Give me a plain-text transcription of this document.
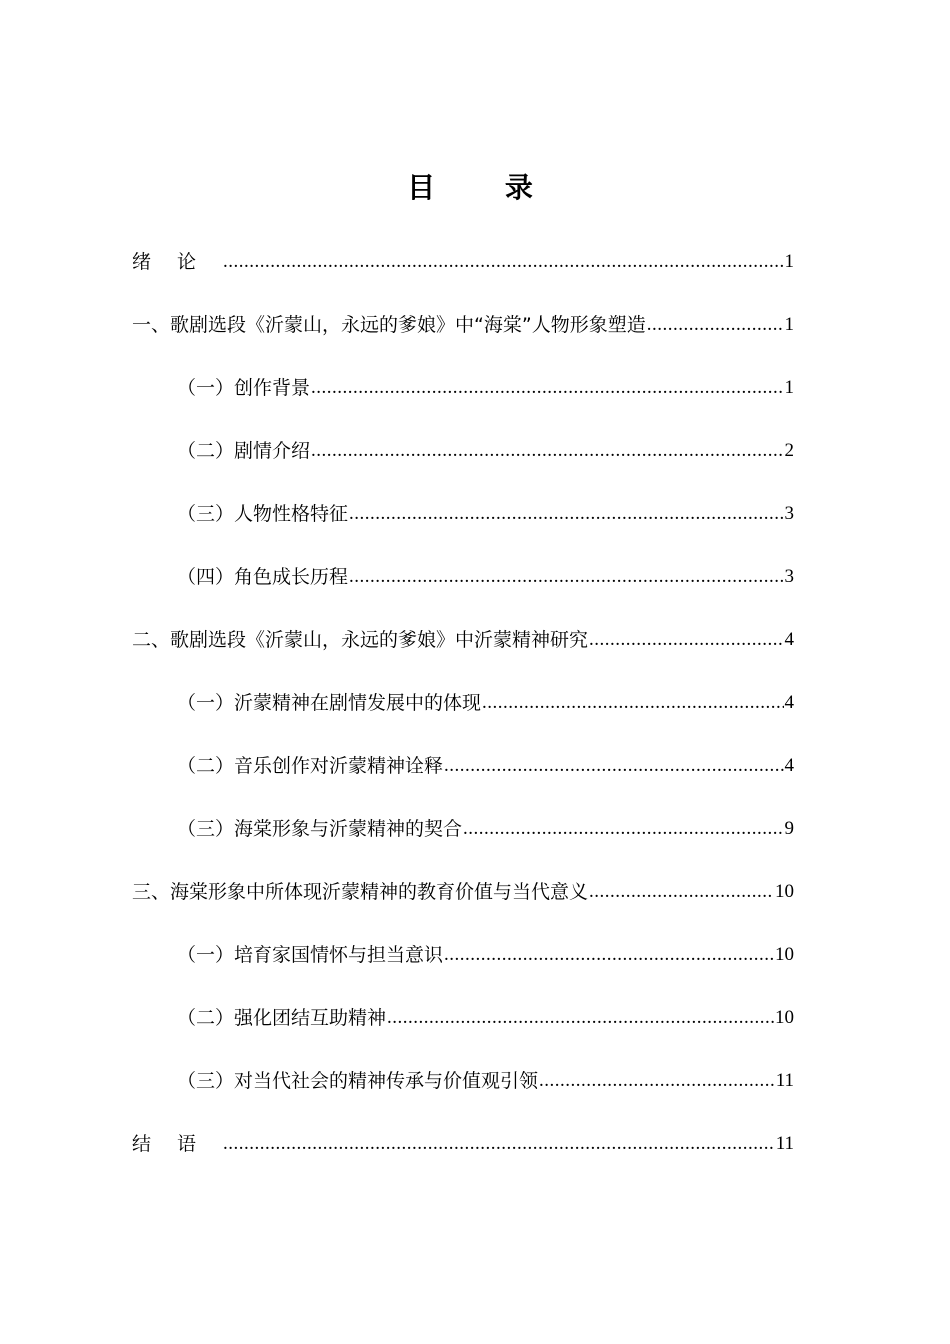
目 录
绪论 .....	1
一、歌剧选段《沂蒙山，永远的爹娘》中“海棠”人物形象塑造 .....	1
（一）创作背景 .....	1
（二）剧情介绍 .....	2
（三）人物性格特征 .....	3
（四）角色成长历程 .....	3
二、歌剧选段《沂蒙山，永远的爹娘》中沂蒙精神研究 .....	4
（一）沂蒙精神在剧情发展中的体现 .....	4
（二）音乐创作对沂蒙精神诠释 .....	4
（三）海棠形象与沂蒙精神的契合 .....	9
三、海棠形象中所体现沂蒙精神的教育价值与当代意义 .....	10
（一）培育家国情怀与担当意识 .....	10
（二）强化团结互助精神 .....	10
（三）对当代社会的精神传承与价值观引领 .....	11
结语 .....	11
